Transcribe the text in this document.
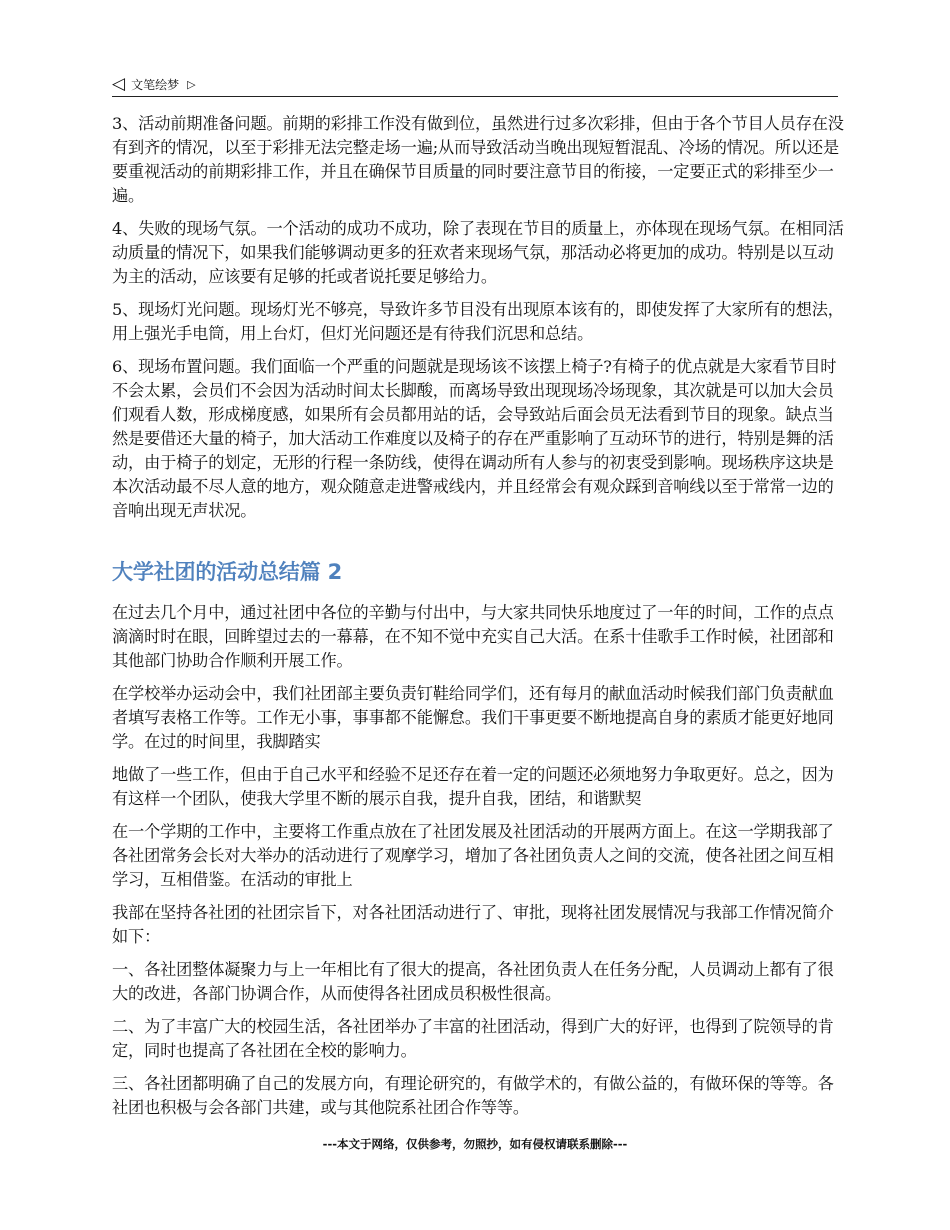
◁ 文笔绘梦 ▷

3、活动前期准备问题。前期的彩排工作没有做到位，虽然进行过多次彩排，但由于各个节目人员存在没有到齐的情况，以至于彩排无法完整走场一遍;从而导致活动当晚出现短暂混乱、冷场的情况。所以还是要重视活动的前期彩排工作，并且在确保节目质量的同时要注意节目的衔接，一定要正式的彩排至少一遍。

4、失败的现场气氛。一个活动的成功不成功，除了表现在节目的质量上，亦体现在现场气氛。在相同活动质量的情况下，如果我们能够调动更多的狂欢者来现场气氛，那活动必将更加的成功。特别是以互动为主的活动，应该要有足够的托或者说托要足够给力。

5、现场灯光问题。现场灯光不够亮，导致许多节目没有出现原本该有的，即使发挥了大家所有的想法，用上强光手电筒，用上台灯，但灯光问题还是有待我们沉思和总结。

6、现场布置问题。我们面临一个严重的问题就是现场该不该摆上椅子?有椅子的优点就是大家看节目时不会太累，会员们不会因为活动时间太长脚酸，而离场导致出现现场冷场现象，其次就是可以加大会员们观看人数，形成梯度感，如果所有会员都用站的话，会导致站后面会员无法看到节目的现象。缺点当然是要借还大量的椅子，加大活动工作难度以及椅子的存在严重影响了互动环节的进行，特别是舞的活动，由于椅子的划定，无形的行程一条防线，使得在调动所有人参与的初衷受到影响。现场秩序这块是本次活动最不尽人意的地方，观众随意走进警戒线内，并且经常会有观众踩到音响线以至于常常一边的音响出现无声状况。

大学社团的活动总结篇 2

在过去几个月中，通过社团中各位的辛勤与付出中，与大家共同快乐地度过了一年的时间，工作的点点滴滴时时在眼，回眸望过去的一幕幕，在不知不觉中充实自己大活。在系十佳歌手工作时候，社团部和其他部门协助合作顺利开展工作。

在学校举办运动会中，我们社团部主要负责钉鞋给同学们，还有每月的献血活动时候我们部门负责献血者填写表格工作等。工作无小事，事事都不能懈怠。我们干事更要不断地提高自身的素质才能更好地同学。在过的时间里，我脚踏实

地做了一些工作，但由于自己水平和经验不足还存在着一定的问题还必须地努力争取更好。总之，因为有这样一个团队，使我大学里不断的展示自我，提升自我，团结，和谐默契

在一个学期的工作中，主要将工作重点放在了社团发展及社团活动的开展两方面上。在这一学期我部了各社团常务会长对大举办的活动进行了观摩学习，增加了各社团负责人之间的交流，使各社团之间互相学习，互相借鉴。在活动的审批上

我部在坚持各社团的社团宗旨下，对各社团活动进行了、审批，现将社团发展情况与我部工作情况简介如下：

一、各社团整体凝聚力与上一年相比有了很大的提高，各社团负责人在任务分配，人员调动上都有了很大的改进，各部门协调合作，从而使得各社团成员积极性很高。

二、为了丰富广大的校园生活，各社团举办了丰富的社团活动，得到广大的好评，也得到了院领导的肯定，同时也提高了各社团在全校的影响力。

三、各社团都明确了自己的发展方向，有理论研究的，有做学术的，有做公益的，有做环保的等等。各社团也积极与会各部门共建，或与其他院系社团合作等等。

---本文于网络，仅供参考，勿照抄，如有侵权请联系删除---
